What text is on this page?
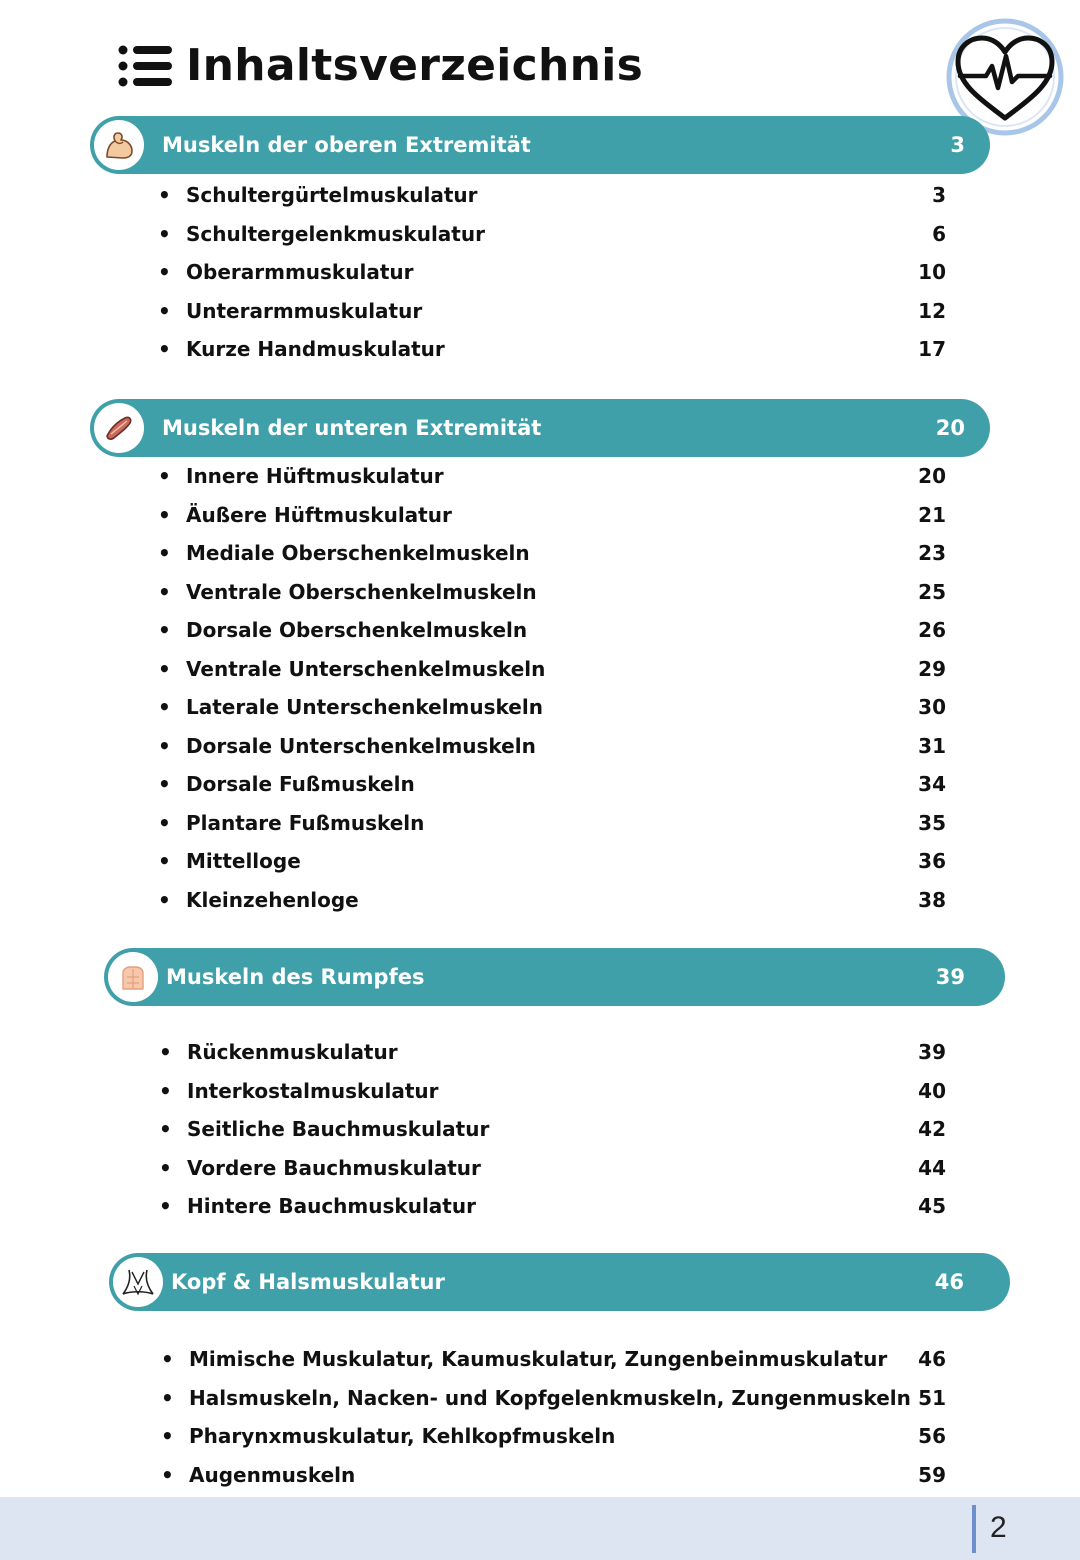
Inhaltsverzeichnis
Muskeln der oberen Extremität	3
• Schultergürtelmuskulatur	3
• Schultergelenkmuskulatur	6
• Oberarmmuskulatur	10
• Unterarmmuskulatur	12
• Kurze Handmuskulatur	17
Muskeln der unteren Extremität	20
• Innere Hüftmuskulatur	20
• Äußere Hüftmuskulatur	21
• Mediale Oberschenkelmuskeln	23
• Ventrale Oberschenkelmuskeln	25
• Dorsale Oberschenkelmuskeln	26
• Ventrale Unterschenkelmuskeln	29
• Laterale Unterschenkelmuskeln	30
• Dorsale Unterschenkelmuskeln	31
• Dorsale Fußmuskeln	34
• Plantare Fußmuskeln	35
• Mittelloge	36
• Kleinzehenloge	38
Muskeln des Rumpfes	39
• Rückenmuskulatur	39
• Interkostalmuskulatur	40
• Seitliche Bauchmuskulatur	42
• Vordere Bauchmuskulatur	44
• Hintere Bauchmuskulatur	45
Kopf & Halsmuskulatur	46
• Mimische Muskulatur, Kaumuskulatur, Zungenbeinmuskulatur	46
• Halsmuskeln, Nacken- und Kopfgelenkmuskeln, Zungenmuskeln 51
• Pharynxmuskulatur, Kehlkopfmuskeln	56
• Augenmuskeln	59
2
